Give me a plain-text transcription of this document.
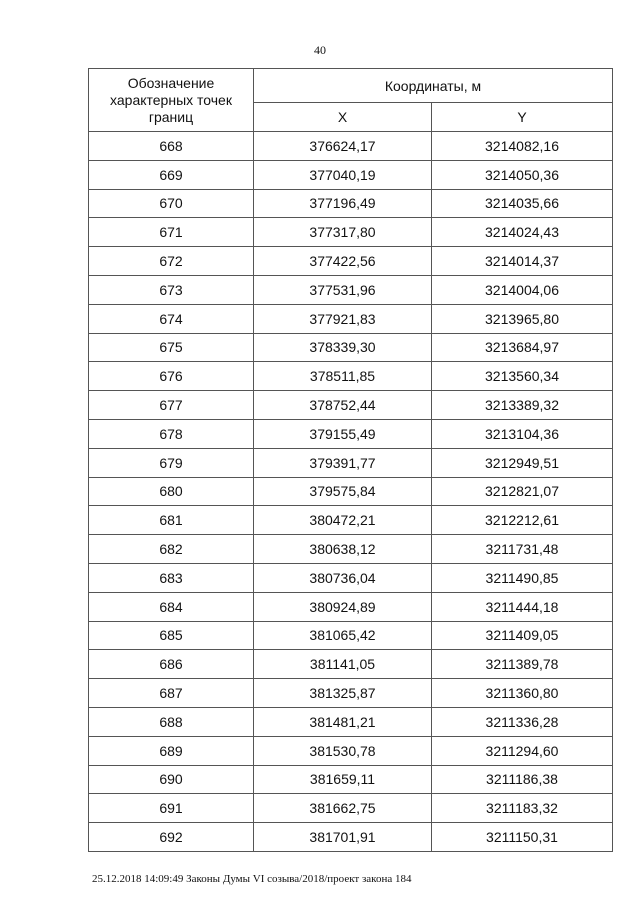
40
Обозначение характерных точек границ	Координаты, м	
	X	Y
668	376624,17	3214082,16
669	377040,19	3214050,36
670	377196,49	3214035,66
671	377317,80	3214024,43
672	377422,56	3214014,37
673	377531,96	3214004,06
674	377921,83	3213965,80
675	378339,30	3213684,97
676	378511,85	3213560,34
677	378752,44	3213389,32
678	379155,49	3213104,36
679	379391,77	3212949,51
680	379575,84	3212821,07
681	380472,21	3212212,61
682	380638,12	3211731,48
683	380736,04	3211490,85
684	380924,89	3211444,18
685	381065,42	3211409,05
686	381141,05	3211389,78
687	381325,87	3211360,80
688	381481,21	3211336,28
689	381530,78	3211294,60
690	381659,11	3211186,38
691	381662,75	3211183,32
692	381701,91	3211150,31
25.12.2018 14:09:49 Законы Думы VI созыва/2018/проект закона 184
